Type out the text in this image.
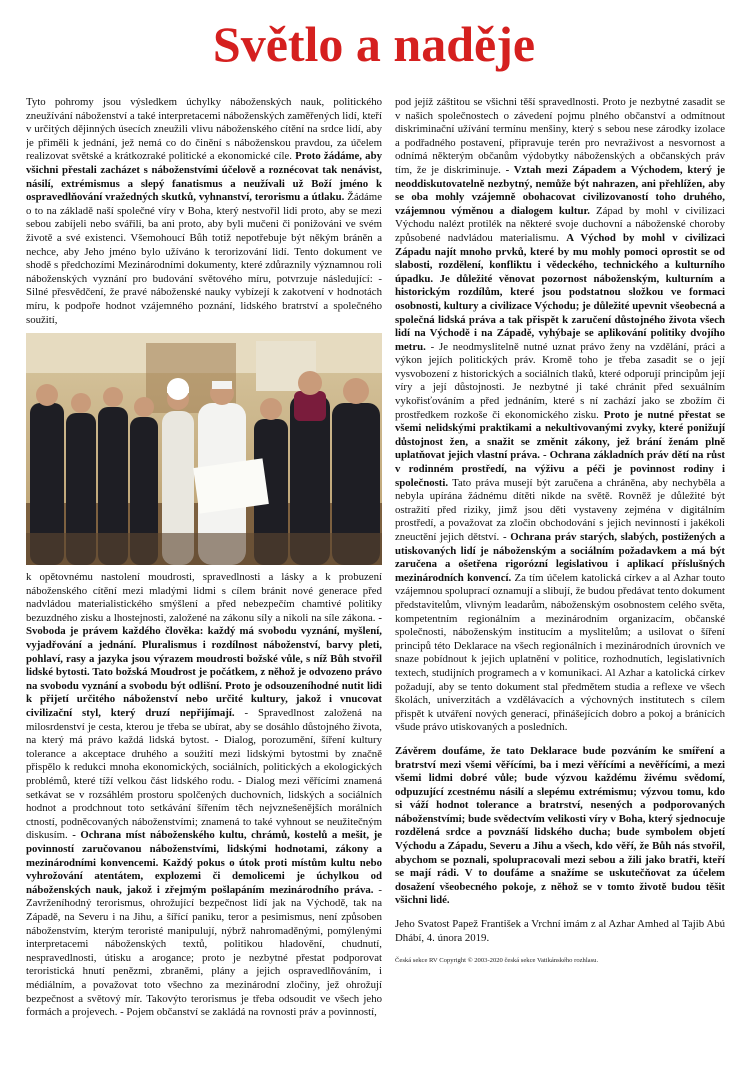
Světlo a naděje

Tyto pohromy jsou výsledkem úchylky náboženských nauk, politického zneužívání náboženství a také interpretacemi náboženských zaměřených lidí, kteří v určitých dějinných úsecích zneužili vlivu náboženského cítění na srdce lidí, aby je přiměli k jednání, jež nemá co do činění s náboženskou pravdou, za účelem realizovat světské a krátkozraké politické a ekonomické cíle. Proto žádáme, aby všichni přestali zacházet s náboženstvími účelově a roznécovat tak nenávist, násilí, extrémismus a slepý fanatismus a neužívali už Boží jméno k ospravedlňování vražedných skutků, vyhnanství, terorismu a útlaku. Žádáme o to na základě naší společné víry v Boha, který nestvořil lidi proto, aby se mezi sebou zabíjeli nebo svářili, ba ani proto, aby byli mučeni či ponižováni ve svém životě a své existenci. Všemohoucí Bůh totiž nepotřebuje být někým bráněn a nechce, aby Jeho jméno bylo užíváno k terorizování lidí. Tento dokument ve shodě s předchozími Mezinárodními dokumenty, které zdůraznily významnou roli náboženských vyznání pro budování světového míru, potvrzuje následující: - Silné přesvědčení, že pravé náboženské nauky vybízejí k zakotvení v hodnotách míru, k podpoře hodnot vzájemného poznání, lidského bratrství a společného soužití,

k opětovnému nastolení moudrosti, spravedlnosti a lásky a k probuzení náboženského cítění mezi mladými lidmi s cílem bránit nové generace před nadvládou materialistického smýšlení a před nebezpečím chamtivé politiky bezuzdného zisku a lhostejnosti, založené na zákonu síly a nikoli na síle zákona. - Svoboda je právem každého člověka: každý má svobodu vyznání, myšlení, vyjadřování a jednání. Pluralismus i rozdílnost náboženství, barvy pleti, pohlaví, rasy a jazyka jsou výrazem moudrosti božské vůle, s níž Bůh stvořil lidské bytosti. Tato božská Moudrost je počátkem, z něhož je odvozeno právo na svobodu vyznání a svobodu být odlišní. Proto je odsouzeníhodné nutit lidi k přijetí určitého náboženství nebo určité kultury, jakož i vnucovat civilizační styl, který druzí nepřijímají. - Spravedlnost založená na milosrdenství je cesta, kterou je třeba se ubírat, aby se dosáhlo důstojného života, na který má právo každá lidská bytost. - Dialog, porozumění, šíření kultury tolerance a akceptace druhého a soužití mezi lidskými bytostmi by značně přispělo k redukci mnoha ekonomických, sociálních, politických a ekologických problémů, které tíží velkou část lidského rodu. - Dialog mezi věřícími znamená setkávat se v rozsáhlém prostoru spolčených duchovních, lidských a sociálních hodnot a prodchnout toto setkávání šířením těch nejvznešenějších morálních ctností, podněcovaných náboženstvími; znamená to také vyhnout se neužitečným diskusím. - Ochrana míst náboženského kultu, chrámů, kostelů a mešit, je povinností zaručovanou náboženstvími, lidskými hodnotami, zákony a mezinárodními konvencemi. Každý pokus o útok proti místům kultu nebo vyhrožování atentátem, explozemi či demolicemi je úchylkou od náboženských nauk, jakož i zřejmým pošlapáním mezinárodního práva. - Zavrženíhodný terorismus, ohrožující bezpečnost lidí jak na Východě, tak na Západě, na Severu i na Jihu, a šířící paniku, teror a pesimismus, není způsoben náboženstvím, kterým teroristé manipulují, nýbrž nahromaděnými, pomýlenými interpretacemi náboženských textů, politikou hladovění, chudnutí, nespravedlnosti, útisku a arogance; proto je nezbytné přestat podporovat teroristická hnutí penězmi, zbraněmi, plány a jejich ospravedlňováním, i médiálním, a považovat toto všechno za mezinárodní zločiny, jež ohrožují bezpečnost a světový mír. Takovýto terorismus je třeba odsoudit ve všech jeho formách a projevech. - Pojem občanství se zakládá na rovnosti práv a povinností,

pod jejíž záštitou se všichni těší spravedlnosti. Proto je nezbytné zasadit se v našich společnostech o závedení pojmu plného občanství a odmítnout diskriminační užívání termínu menšiny, který s sebou nese zárodky izolace a podřadného postavení, připravuje terén pro nevraživost a nesvornost a odnímá některým občanům výdobytky náboženských a občanských práv tím, že je diskriminuje. - Vztah mezi Západem a Východem, který je neoddiskutovatelně nezbytný, nemůže být nahrazen, ani přehlížen, aby se oba mohly vzájemně obohacovat civilizovaností toho druhého, vzájemnou výměnou a dialogem kultur. Západ by mohl v civilizaci Východu nalézt protilék na některé svoje duchovní a náboženské choroby způsobené nadvládou materialismu. A Východ by mohl v civilizaci Západu najít mnoho prvků, které by mu mohly pomoci oprostit se od slabosti, rozdělení, konfliktu i vědeckého, technického a kulturního úpadku. Je důležité věnovat pozornost náboženským, kulturním a historickým rozdílům, které jsou podstatnou složkou ve formaci osobnosti, kultury a civilizace Východu; je důležité upevnit všeobecná a společná lidská práva a tak přispět k zaručení důstojného života všech lidí na Východě i na Západě, vyhýbaje se aplikování politiky dvojího metru. - Je neodmyslitelně nutné uznat právo ženy na vzdělání, práci a výkon jejích politických práv. Kromě toho je třeba zasadit se o její vysvobození z historických a sociálních tlaků, které odporují principům její víry a její důstojnosti. Je nezbytné ji také chránit před sexuálním vykořisťováním a před jednáním, které s ní zachází jako se zbožím či prostředkem rozkoše či ekonomického zisku. Proto je nutné přestat se všemi nelidskými praktikami a nekultivovanými zvyky, které ponižují důstojnost žen, a snažit se změnit zákony, jež brání ženám plně uplatňovat jejich vlastní práva. - Ochrana základních práv dětí na růst v rodinném prostředí, na výživu a péči je povinnost rodiny i společnosti. Tato práva musejí být zaručena a chráněna, aby nechyběla a nebyla upírána žádnému dítěti nikde na světě. Rovněž je důležité být ostražití před riziky, jimž jsou děti vystaveny zejména v digitálním prostředí, a považovat za zločin obchodování s jejich nevinností i jakékoli zneuctění jejich dětství. - Ochrana práv starých, slabých, postižených a utiskovaných lidí je náboženským a sociálním požadavkem a má být zaručena a ošetřena rigorózní legislativou i aplikací příslušných mezinárodních konvencí. Za tím účelem katolická církev a al Azhar touto vzájemnou spoluprací oznamují a slibují, že budou předávat tento dokument představitelům, vlivným leadarům, náboženským osobnostem celého světa, kompetentním regionálním a mezinárodním organizacím, občanské společnosti, náboženským institucím a myslitelům; a usilovat o šíření principů této Deklarace na všech regionálních i mezinárodních úrovních ve snaze pobídnout k jejich uplatnění v politice, rozhodnutích, legislativních textech, studijních programech a v komunikaci. Al Azhar a katolická církev požadují, aby se tento dokument stal předmětem studia a reflexe ve všech školách, univerzitách a vzdělávacích a výchovných institutech s cílem přispět k utváření nových generací, přinášejících dobro a pokoj a bránících všude právo utiskovaných a posledních.

Závěrem doufáme, že tato Deklarace bude pozváním ke smíření a bratrství mezi všemi věřícími, ba i mezi věřícími a nevěřícími, a mezi všemi lidmi dobré vůle; bude výzvou každému živému svědomí, odpuzující zcestnému násilí a slepému extrémismu; výzvou tomu, kdo si váží hodnot tolerance a bratrství, nesených a podporovaných náboženstvími; bude svědectvím velikosti víry v Boha, který sjednocuje rozdělená srdce a povznáší lidského ducha; bude symbolem objetí Východu a Západu, Severu a Jihu a všech, kdo věří, že Bůh nás stvořil, abychom se poznali, spolupracovali mezi sebou a žili jako bratři, kteří se mají rádi. V to doufáme a snažíme se uskutečňovat za účelem dosažení všeobecného pokoje, z něhož se v tomto životě budou těšit všichni lidé.

Jeho Svatost Papež František a Vrchní imám z al Azhar Amhed al Tajib Abú Dhábí, 4. února 2019.

Česká sekce RV Copyright © 2003-2020 česká sekce Vatikánského rozhlasu.
